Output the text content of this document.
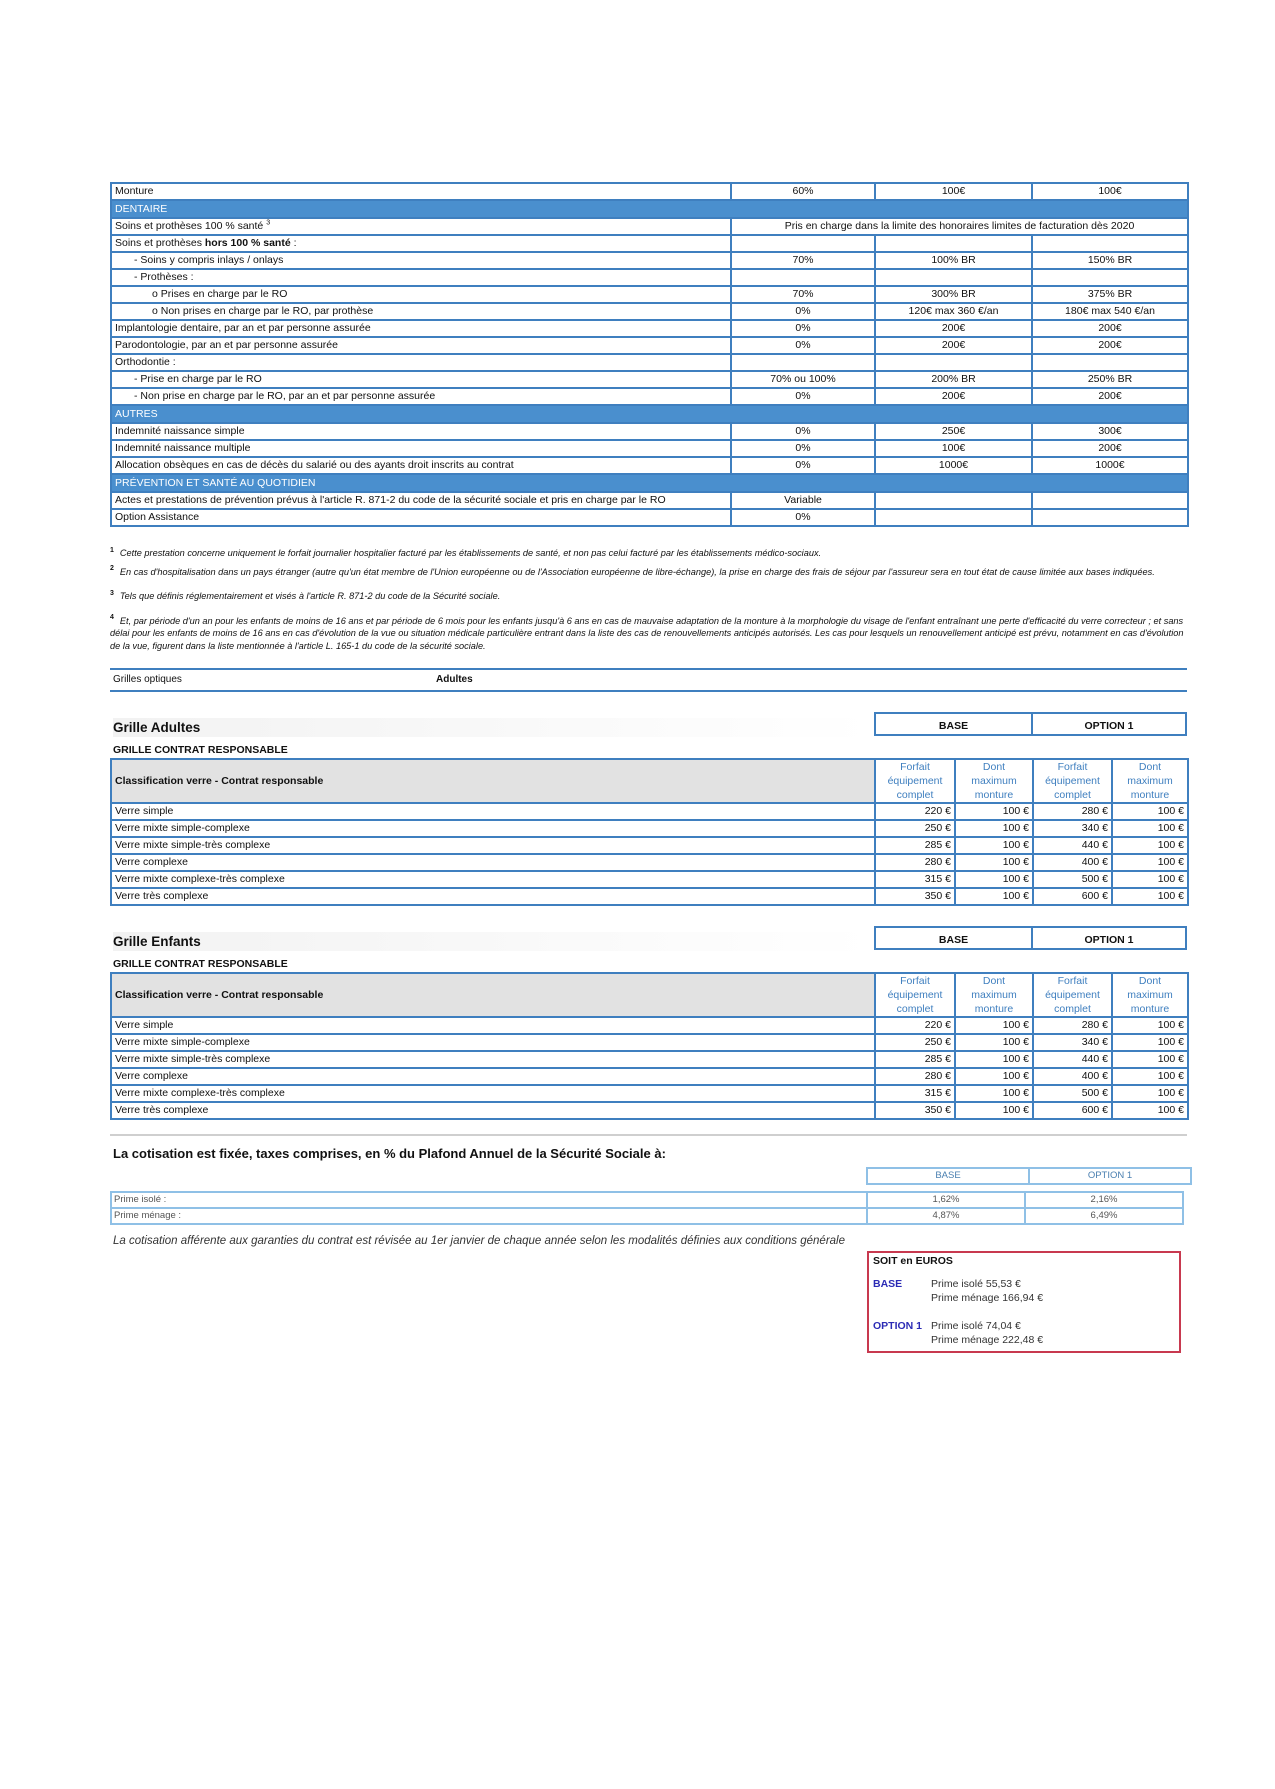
Monture	60%	100€	100€
DENTAIRE			
Soins et prothèses 100 % santé $^3$	Pris en charge dans la limite des honoraires limites de facturation dès 2020		
Soins et prothèses hors 100 % santé :			
- Soins y compris inlays / onlays	70%	100% BR	150% BR
- Prothèses :			
o Prises en charge par le RO	70%	300% BR	375% BR
o Non prises en charge par le RO, par prothèse	0%	120€ max 360 €/an	180€ max 540 €/an
Implantologie dentaire, par an et par personne assurée	0%	200€	200€
Parodontologie, par an et par personne assurée	0%	200€	200€
Orthodontie :			
- Prise en charge par le RO	70% ou 100%	200% BR	250% BR
- Non prise en charge par le RO, par an et par personne assurée	0%	200€	200€
AUTRES			
Indemnité naissance simple	0%	250€	300€
Indemnité naissance multiple	0%	100€	200€
Allocation obsèques en cas de décès du salarié ou des ayants droit inscrits au contrat	0%	1000€	1000€
PRÉVENTION ET SANTÉ AU QUOTIDIEN			
Actes et prestations de prévention prévus à l'article R. 871-2 du code de la sécurité sociale et pris en charge par le RO	Variable		
Option Assistance	0%		

$^1$ Cette prestation concerne uniquement le forfait journalier hospitalier facturé par les établissements de santé, et non pas celui facturé par les établissements médico-sociaux.

$^2$ En cas d'hospitalisation dans un pays étranger (autre qu'un état membre de l'Union européenne ou de l'Association européenne de libre-échange), la prise en charge des frais de séjour par l'assureur sera en tout état de cause limitée aux bases indiquées.

$^3$ Tels que définis réglementairement et visés à l'article R. 871-2 du code de la Sécurité sociale.

$^4$ Et, par période d'un an pour les enfants de moins de 16 ans et par période de 6 mois pour les enfants jusqu'à 6 ans en cas de mauvaise adaptation de la monture à la morphologie du visage de l'enfant entraînant une perte d'efficacité du verre correcteur ; et sans délai pour les enfants de moins de 16 ans en cas d'évolution de la vue ou situation médicale particulière entrant dans la liste des cas de renouvellements anticipés autorisés. Les cas pour lesquels un renouvellement anticipé est prévu, notamment en cas d'évolution de la vue, figurent dans la liste mentionnée à l'article L. 165-1 du code de la sécurité sociale.

Grilles optiques	Adultes
Grille Adultes	BASE	OPTION 1
GRILLE CONTRAT RESPONSABLE
Classification verre - Contrat responsable	Forfait équipement complet	Dont maximum monture	Forfait équipement complet	Dont maximum monture
Verre simple	220 €	100 €	280 €	100 €
Verre mixte simple-complexe	250 €	100 €	340 €	100 €
Verre mixte simple-très complexe	285 €	100 €	440 €	100 €
Verre complexe	280 €	100 €	400 €	100 €
Verre mixte complexe-très complexe	315 €	100 €	500 €	100 €
Verre très complexe	350 €	100 €	600 €	100 €
Grille Enfants	BASE	OPTION 1
GRILLE CONTRAT RESPONSABLE
Classification verre - Contrat responsable	Forfait équipement complet	Dont maximum monture	Forfait équipement complet	Dont maximum monture
Verre simple	220 €	100 €	280 €	100 €
Verre mixte simple-complexe	250 €	100 €	340 €	100 €
Verre mixte simple-très complexe	285 €	100 €	440 €	100 €
Verre complexe	280 €	100 €	400 €	100 €
Verre mixte complexe-très complexe	315 €	100 €	500 €	100 €
Verre très complexe	350 €	100 €	600 €	100 €
La cotisation est fixée, taxes comprises, en % du Plafond Annuel de la Sécurité Sociale à:
BASE	OPTION 1
Prime isolé :	1,62%	2,16%
Prime ménage :	4,87%	6,49%
La cotisation afférente aux garanties du contrat est révisée au 1er janvier de chaque année selon les modalités définies aux conditions générale
SOIT en EUROS
BASE	Prime isolé 55,53 €
Prime ménage 166,94 €
OPTION 1 Prime isolé 74,04 €
Prime ménage 222,48 €
